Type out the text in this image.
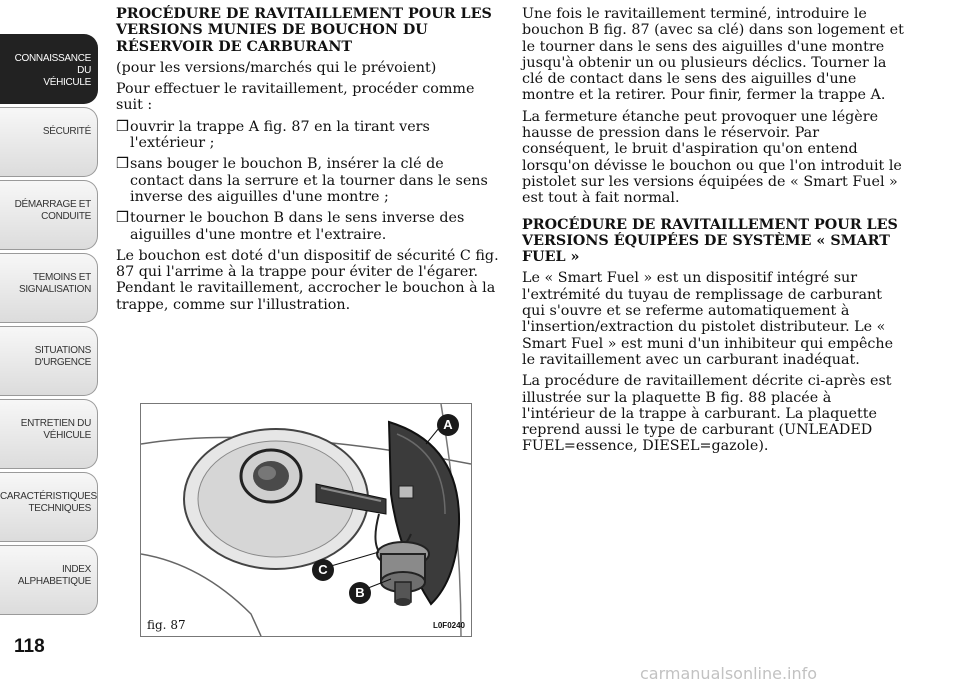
CONNAISSANCE DU
VÉHICULE
SÉCURITÉ
DÉMARRAGE ET
CONDUITE
TEMOINS ET
SIGNALISATION
SITUATIONS
D'URGENCE
ENTRETIEN DU
VÉHICULE
CARACTÉRISTIQUES
TECHNIQUES
INDEX
ALPHABETIQUE
118

PROCÉDURE DE RAVITAILLEMENT POUR LES VERSIONS MUNIES DE BOUCHON DU RÉSERVOIR DE CARBURANT

(pour les versions/marchés qui le prévoient)

Pour effectuer le ravitaillement, procéder comme suit :

❒ ouvrir la trappe A fig. 87 en la tirant vers l'extérieur ;
❒ sans bouger le bouchon B, insérer la clé de contact dans la serrure et la tourner dans le sens inverse des aiguilles d'une montre ;
❒ tourner le bouchon B dans le sens inverse des aiguilles d'une montre et l'extraire.

Le bouchon est doté d'un dispositif de sécurité C fig. 87 qui l'arrime à la trappe pour éviter de l'égarer. Pendant le ravitaillement, accrocher le bouchon à la trappe, comme sur l'illustration.

A
C
B
fig. 87	L0F0240

Une fois le ravitaillement terminé, introduire le bouchon B fig. 87 (avec sa clé) dans son logement et le tourner dans le sens des aiguilles d'une montre jusqu'à obtenir un ou plusieurs déclics. Tourner la clé de contact dans le sens des aiguilles d'une montre et la retirer. Pour finir, fermer la trappe A.

La fermeture étanche peut provoquer une légère hausse de pression dans le réservoir. Par conséquent, le bruit d'aspiration qu'on entend lorsqu'on dévisse le bouchon ou que l'on introduit le pistolet sur les versions équipées de « Smart Fuel » est tout à fait normal.

PROCÉDURE DE RAVITAILLEMENT POUR LES VERSIONS ÉQUIPÉES DE SYSTÈME « SMART FUEL »

Le « Smart Fuel » est un dispositif intégré sur l'extrémité du tuyau de remplissage de carburant qui s'ouvre et se referme automatiquement à l'insertion/extraction du pistolet distributeur. Le « Smart Fuel » est muni d'un inhibiteur qui empêche le ravitaillement avec un carburant inadéquat.

La procédure de ravitaillement décrite ci-après est illustrée sur la plaquette B fig. 88 placée à l'intérieur de la trappe à carburant. La plaquette reprend aussi le type de carburant (UNLEADED FUEL=essence, DIESEL=gazole).

carmanualsonline.info
